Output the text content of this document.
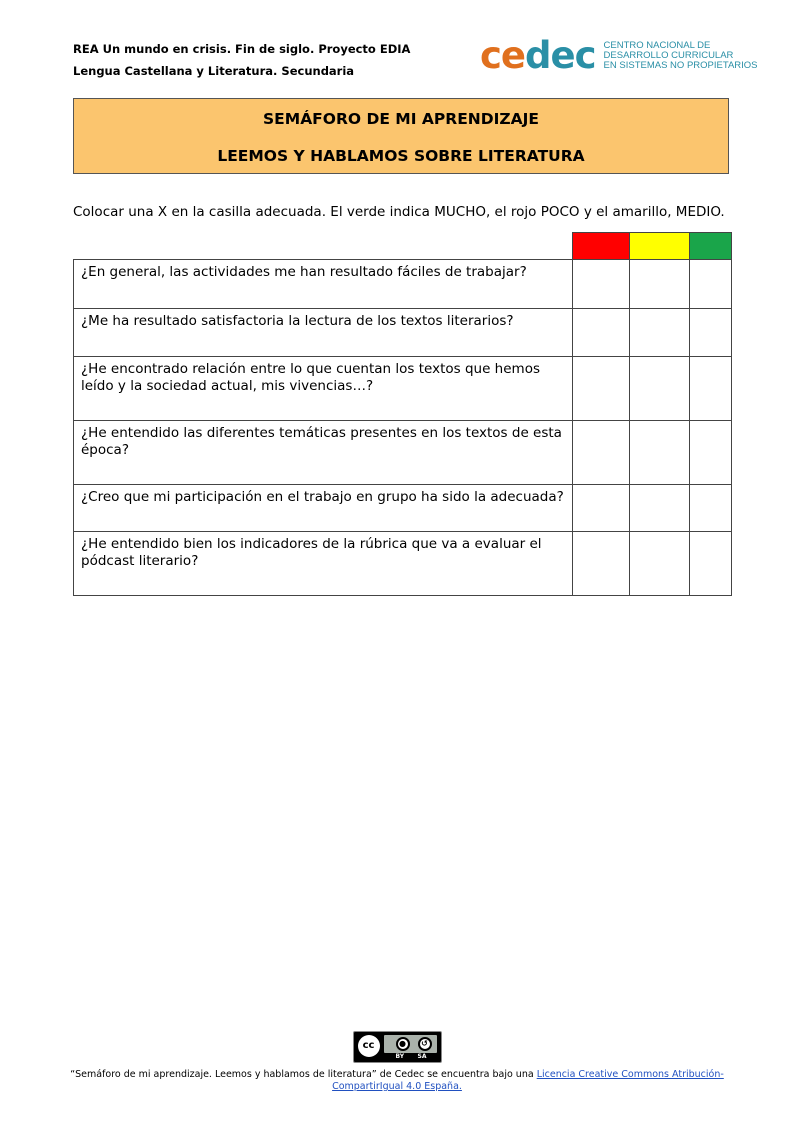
REA Un mundo en crisis. Fin de siglo. Proyecto EDIA
Lengua Castellana y Literatura. Secundaria	cedec CENTRO NACIONAL DE
DESARROLLO CURRICULAR
EN SISTEMAS NO PROPIETARIOS
SEMÁFORO DE MI APRENDIZAJE
LEEMOS Y HABLAMOS SOBRE LITERATURA
Colocar una X en la casilla adecuada. El verde indica MUCHO, el rojo POCO y el amarillo, MEDIO.

¿En general, las actividades me han resultado fáciles de trabajar?			
¿Me ha resultado satisfactoria la lectura de los textos literarios?			
¿He encontrado relación entre lo que cuentan los textos que hemos leído y la sociedad actual, mis vivencias…?			
¿He entendido las diferentes temáticas presentes en los textos de esta época?			
¿Creo que mi participación en el trabajo en grupo ha sido la adecuada?			
¿He entendido bien los indicadores de la rúbrica que va a evaluar el pódcast literario?			
cc	●	↺
BY SA
“Semáforo de mi aprendizaje. Leemos y hablamos de literatura” de Cedec se encuentra bajo una Licencia Creative Commons Atribución-CompartirIgual 4.0 España.
